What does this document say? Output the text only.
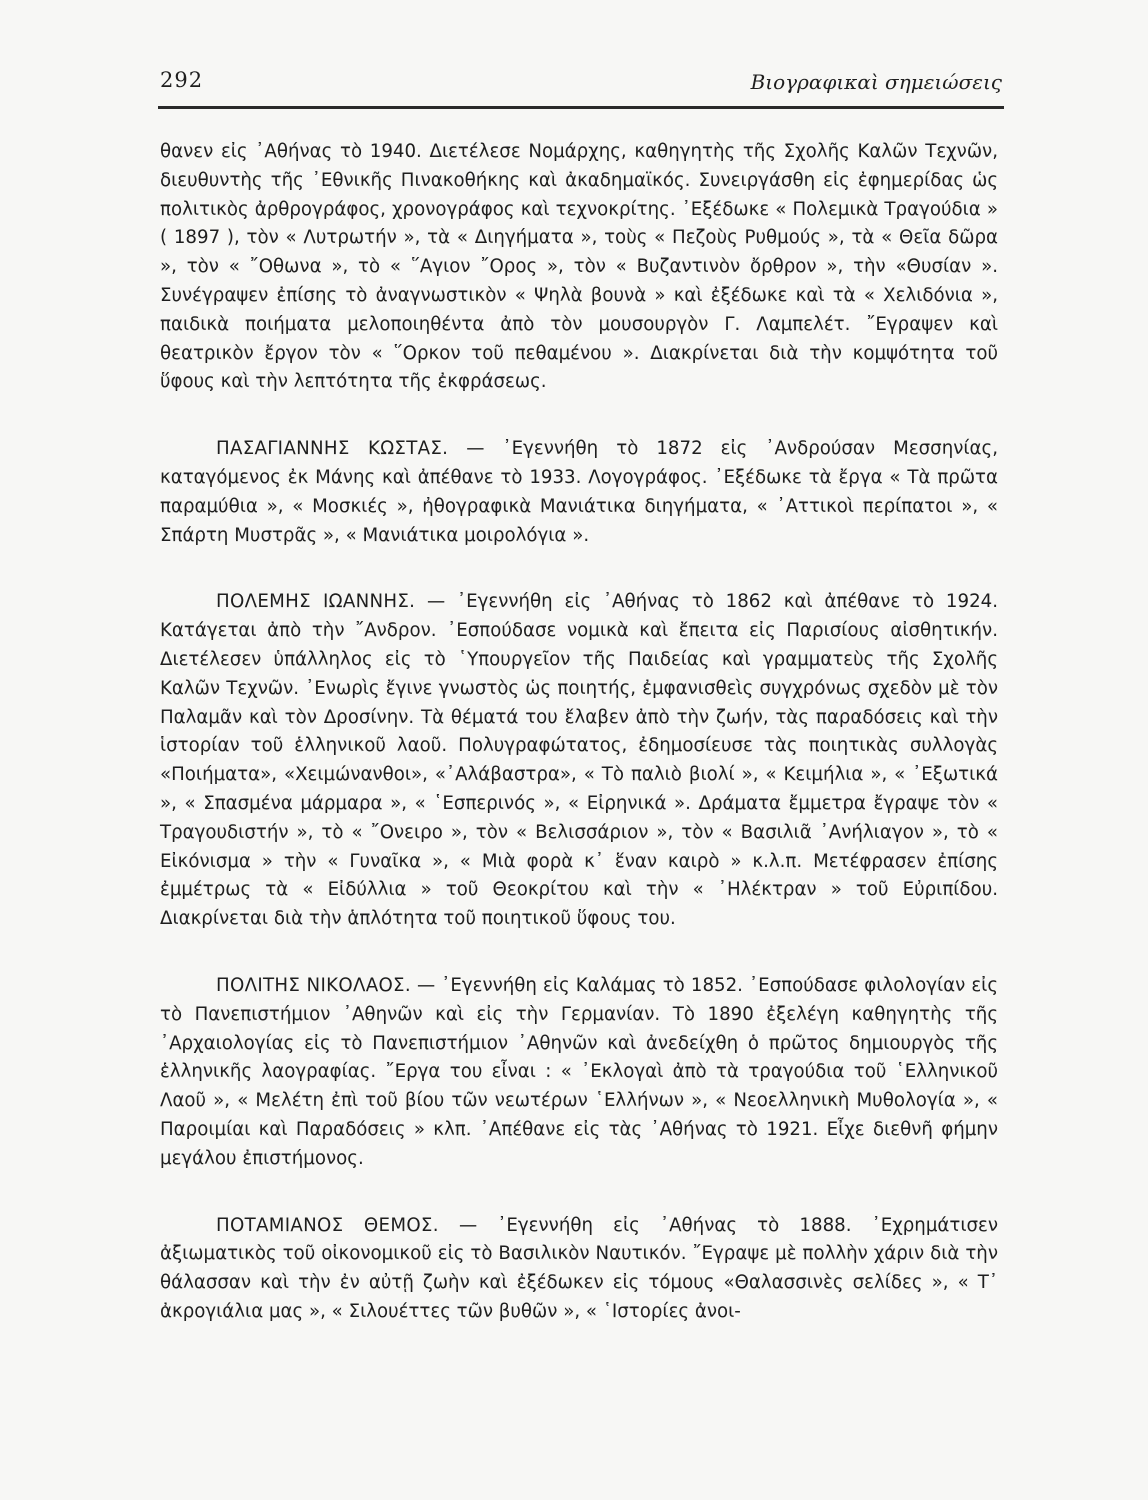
292	Βιογραφικαὶ σημειώσεις

θανεν εἰς ᾿Αθήνας τὸ 1940. Διετέλεσε Νομάρχης, καθηγητὴς τῆς Σχολῆς Καλῶν Τεχνῶν, διευθυντὴς τῆς ᾿Εθνικῆς Πινακοθήκης καὶ ἀκαδημαϊκός. Συνειργάσθη εἰς ἐφημερίδας ὡς πολιτικὸς ἀρθρογράφος, χρονογράφος καὶ τεχνοκρίτης. ᾿Εξέδωκε « Πολεμικὰ Τραγούδια » ( 1897 ), τὸν « Λυτρωτήν », τὰ « Διηγήματα », τοὺς « Πεζοὺς Ρυθμούς », τὰ « Θεῖα δῶρα », τὸν « ῎Οθωνα », τὸ « ῞Αγιον ῎Ορος », τὸν « Βυζαντινὸν ὄρθρον », τὴν «Θυσίαν ». Συνέγραψεν ἐπίσης τὸ ἀναγνωστικὸν « Ψηλὰ βουνὰ » καὶ ἐξέδωκε καὶ τὰ « Χελιδόνια », παιδικὰ ποιήματα μελοποιηθέντα ἀπὸ τὸν μουσουργὸν Γ. Λαμπελέτ. ῎Εγραψεν καὶ θεατρικὸν ἔργον τὸν « ῞Ορκον τοῦ πεθαμένου ». Διακρίνεται διὰ τὴν κομψότητα τοῦ ὕφους καὶ τὴν λεπτότητα τῆς ἐκφράσεως.

ΠΑΣΑΓΙΑΝΝΗΣ ΚΩΣΤΑΣ. — ᾿Εγεννήθη τὸ 1872 εἰς ᾿Ανδρούσαν Μεσσηνίας, καταγόμενος ἐκ Μάνης καὶ ἀπέθανε τὸ 1933. Λογογράφος. ᾿Εξέδωκε τὰ ἔργα « Τὰ πρῶτα παραμύθια », « Μοσκιές », ἠθογραφικὰ Μανιάτικα διηγήματα, « ᾿Αττικοὶ περίπατοι », « Σπάρτη Μυστρᾶς », « Μανιάτικα μοιρολόγια ».

ΠΟΛΕΜΗΣ ΙΩΑΝΝΗΣ. — ᾿Εγεννήθη εἰς ᾿Αθήνας τὸ 1862 καὶ ἀπέθανε τὸ 1924. Κατάγεται ἀπὸ τὴν ῎Ανδρον. ᾿Εσπούδασε νομικὰ καὶ ἔπειτα εἰς Παρισίους αἰσθητικήν. Διετέλεσεν ὑπάλληλος εἰς τὸ ῾Υπουργεῖον τῆς Παιδείας καὶ γραμματεὺς τῆς Σχολῆς Καλῶν Τεχνῶν. ᾿Ενωρὶς ἔγινε γνωστὸς ὡς ποιητής, ἐμφανισθεὶς συγχρόνως σχεδὸν μὲ τὸν Παλαμᾶν καὶ τὸν Δροσίνην. Τὰ θέματά του ἔλαβεν ἀπὸ τὴν ζωήν, τὰς παραδόσεις καὶ τὴν ἱστορίαν τοῦ ἑλληνικοῦ λαοῦ. Πολυγραφώτατος, ἐδημοσίευσε τὰς ποιητικὰς συλλογὰς «Ποιήματα», «Χειμώνανθοι», «᾿Αλάβαστρα», « Τὸ παλιὸ βιολί », « Κειμήλια », « ᾿Εξωτικά », « Σπασμένα μάρμαρα », « ῾Εσπερινός », « Εἰρηνικά ». Δράματα ἔμμετρα ἔγραψε τὸν « Τραγουδιστήν », τὸ « ῎Ονειρο », τὸν « Βελισσάριον », τὸν « Βασιλιᾶ ᾿Ανήλιαγον », τὸ « Εἰκόνισμα » τὴν « Γυναῖκα », « Μιὰ φορὰ κ᾿ ἕναν καιρὸ » κ.λ.π. Μετέφρασεν ἐπίσης ἐμμέτρως τὰ « Εἰδύλλια » τοῦ Θεοκρίτου καὶ τὴν « ᾿Ηλέκτραν » τοῦ Εὐριπίδου. Διακρίνεται διὰ τὴν ἁπλότητα τοῦ ποιητικοῦ ὕφους του.

ΠΟΛΙΤΗΣ ΝΙΚΟΛΑΟΣ. — ᾿Εγεννήθη εἰς Καλάμας τὸ 1852. ᾿Εσπούδασε φιλολογίαν εἰς τὸ Πανεπιστήμιον ᾿Αθηνῶν καὶ εἰς τὴν Γερμανίαν. Τὸ 1890 ἐξελέγη καθηγητὴς τῆς ᾿Αρχαιολογίας εἰς τὸ Πανεπιστήμιον ᾿Αθηνῶν καὶ ἀνεδείχθη ὁ πρῶτος δημιουργὸς τῆς ἑλληνικῆς λαογραφίας. ῎Εργα του εἶναι : « ᾿Εκλογαὶ ἀπὸ τὰ τραγούδια τοῦ ῾Ελληνικοῦ Λαοῦ », « Μελέτη ἐπὶ τοῦ βίου τῶν νεωτέρων ῾Ελλήνων », « Νεοελληνικὴ Μυθολογία », « Παροιμίαι καὶ Παραδόσεις » κλπ. ᾿Απέθανε εἰς τὰς ᾿Αθήνας τὸ 1921. Εἶχε διεθνῆ φήμην μεγάλου ἐπιστήμονος.

ΠΟΤΑΜΙΑΝΟΣ ΘΕΜΟΣ. — ᾿Εγεννήθη εἰς ᾿Αθήνας τὸ 1888. ᾿Εχρημάτισεν ἀξιωματικὸς τοῦ οἰκονομικοῦ εἰς τὸ Βασιλικὸν Ναυτικόν. ῎Εγραψε μὲ πολλὴν χάριν διὰ τὴν θάλασσαν καὶ τὴν ἐν αὐτῇ ζωὴν καὶ ἐξέδωκεν εἰς τόμους «Θαλασσινὲς σελίδες », « Τ᾿ ἀκρογιάλια μας », « Σιλουέττες τῶν βυθῶν », « ῾Ιστορίες ἀνοι-
